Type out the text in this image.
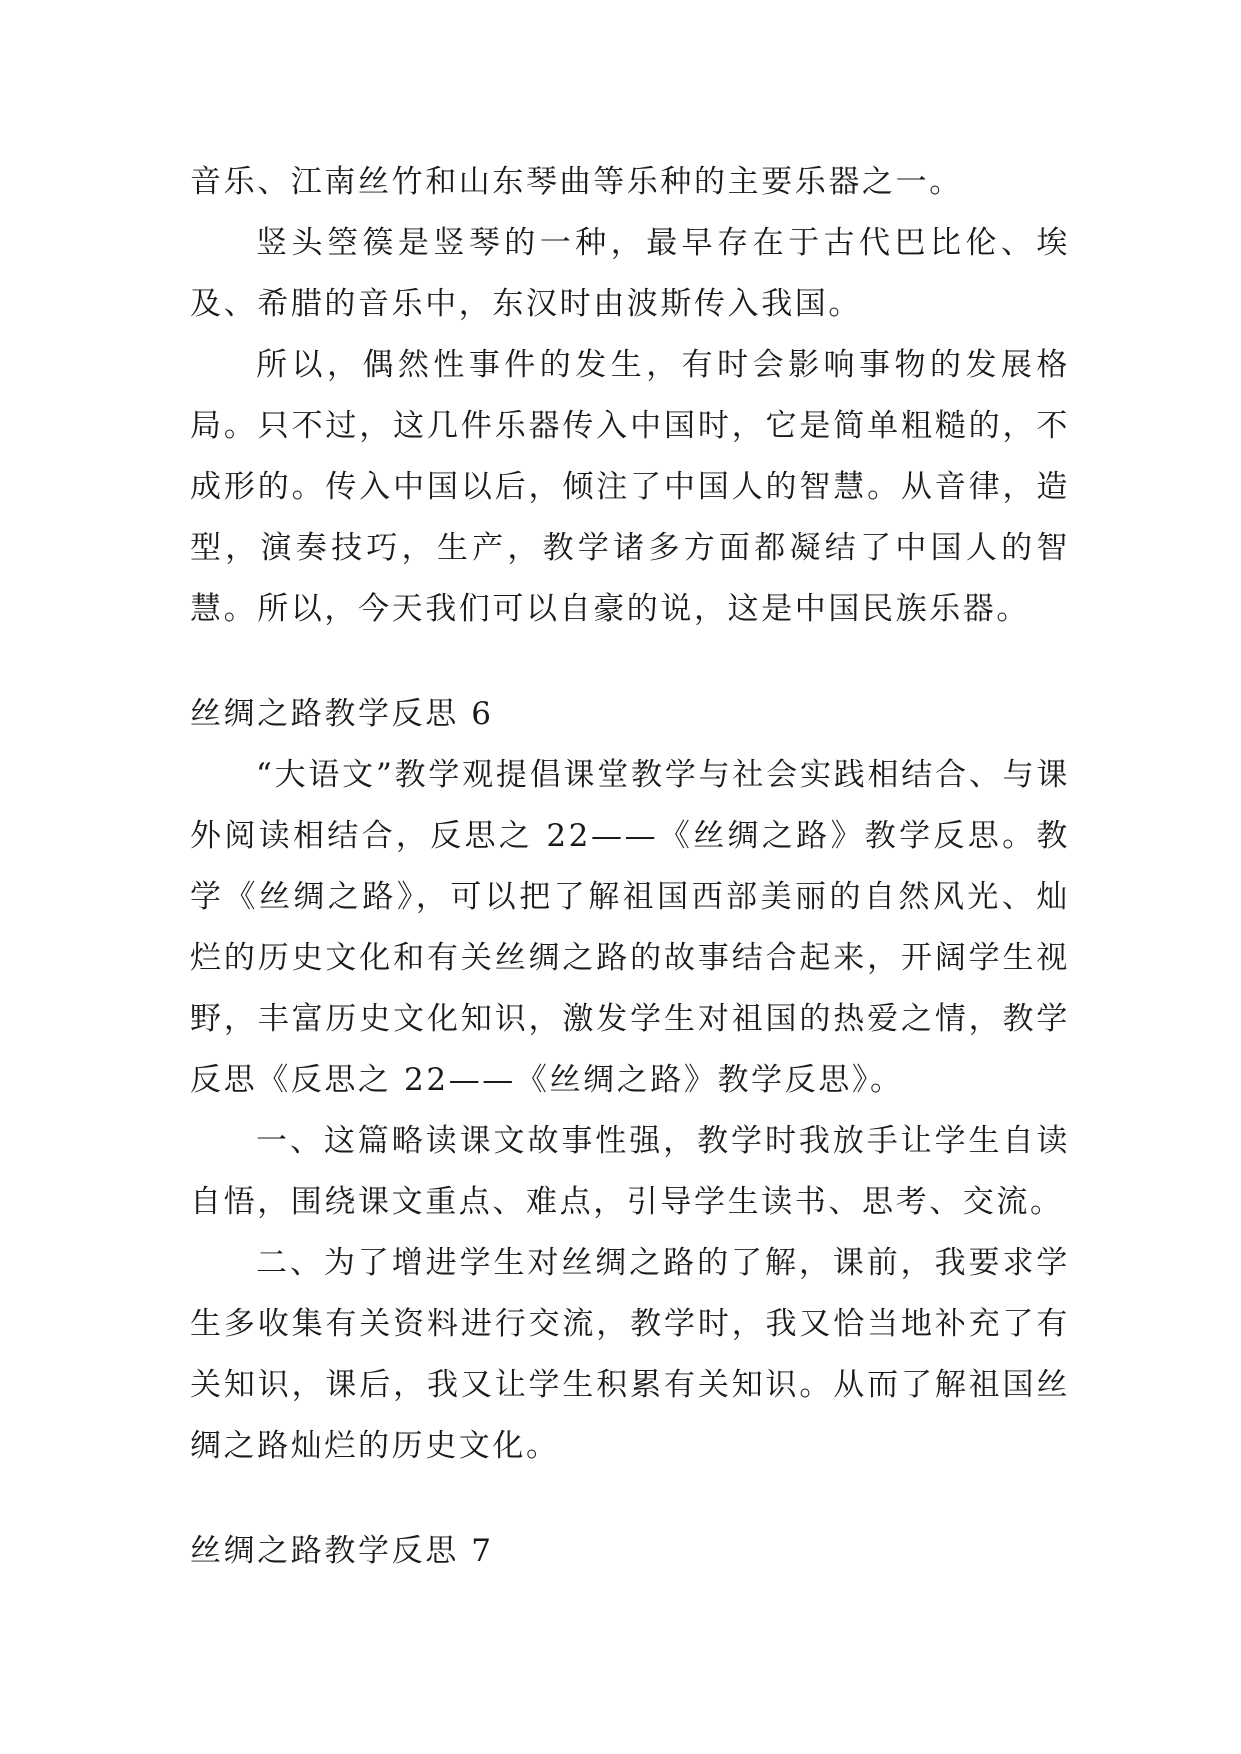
音乐、江南丝竹和山东琴曲等乐种的主要乐器之一。

竖头箜篌是竖琴的一种，最早存在于古代巴比伦、埃及、希腊的音乐中，东汉时由波斯传入我国。

所以，偶然性事件的发生，有时会影响事物的发展格局。只不过，这几件乐器传入中国时，它是简单粗糙的，不成形的。传入中国以后，倾注了中国人的智慧。从音律，造型，演奏技巧，生产，教学诸多方面都凝结了中国人的智慧。所以，今天我们可以自豪的说，这是中国民族乐器。

丝绸之路教学反思 6

“大语文”教学观提倡课堂教学与社会实践相结合、与课外阅读相结合，反思之 22——《丝绸之路》教学反思。教学《丝绸之路》，可以把了解祖国西部美丽的自然风光、灿烂的历史文化和有关丝绸之路的故事结合起来，开阔学生视野，丰富历史文化知识，激发学生对祖国的热爱之情，教学反思《反思之 22——《丝绸之路》教学反思》。

一、这篇略读课文故事性强，教学时我放手让学生自读自悟，围绕课文重点、难点，引导学生读书、思考、交流。

二、为了增进学生对丝绸之路的了解，课前，我要求学生多收集有关资料进行交流，教学时，我又恰当地补充了有关知识，课后，我又让学生积累有关知识。从而了解祖国丝绸之路灿烂的历史文化。

丝绸之路教学反思 7
